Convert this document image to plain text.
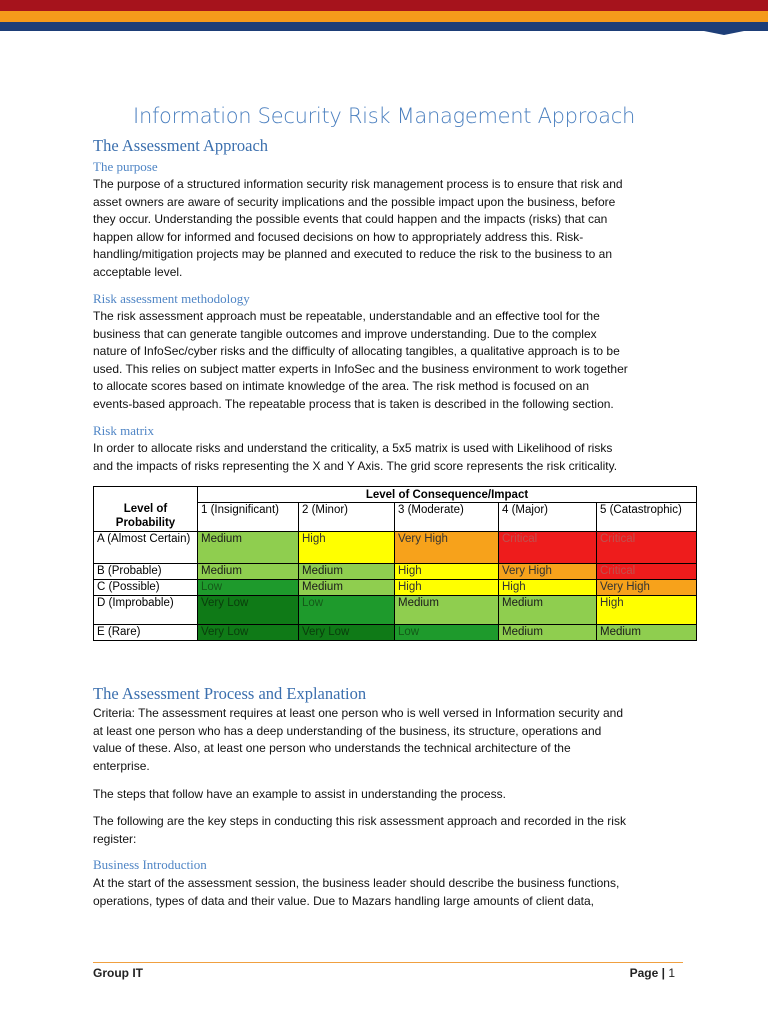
Information Security Risk Management Approach
The Assessment Approach
The purpose
The purpose of a structured information security risk management process is to ensure that risk and
asset owners are aware of security implications and the possible impact upon the business, before
they occur. Understanding the possible events that could happen and the impacts (risks) that can
happen allow for informed and focused decisions on how to appropriately address this. Risk-
handling/mitigation projects may be planned and executed to reduce the risk to the business to an
acceptable level.
Risk assessment methodology
The risk assessment approach must be repeatable, understandable and an effective tool for the
business that can generate tangible outcomes and improve understanding. Due to the complex
nature of InfoSec/cyber risks and the difficulty of allocating tangibles, a qualitative approach is to be
used. This relies on subject matter experts in InfoSec and the business environment to work together
to allocate scores based on intimate knowledge of the area. The risk method is focused on an
events-based approach. The repeatable process that is taken is described in the following section.
Risk matrix
In order to allocate risks and understand the criticality, a 5x5 matrix is used with Likelihood of risks
and the impacts of risks representing the X and Y Axis. The grid score represents the risk criticality.
Level of Probability	Level of Consequence/Impact				
	1 (Insignificant)	2 (Minor)	3 (Moderate)	4 (Major)	5 (Catastrophic)
A (Almost Certain)	Medium	High	Very High	Critical	Critical
B (Probable)	Medium	Medium	High	Very High	Critical
C (Possible)	Low	Medium	High	High	Very High
D (Improbable)	Very Low	Low	Medium	Medium	High
E (Rare)	Very Low	Very Low	Low	Medium	Medium
The Assessment Process and Explanation
Criteria: The assessment requires at least one person who is well versed in Information security and
at least one person who has a deep understanding of the business, its structure, operations and
value of these. Also, at least one person who understands the technical architecture of the
enterprise.
The steps that follow have an example to assist in understanding the process.
The following are the key steps in conducting this risk assessment approach and recorded in the risk
register:
Business Introduction
At the start of the assessment session, the business leader should describe the business functions,
operations, types of data and their value. Due to Mazars handling large amounts of client data,
Group IT	Page | 1
